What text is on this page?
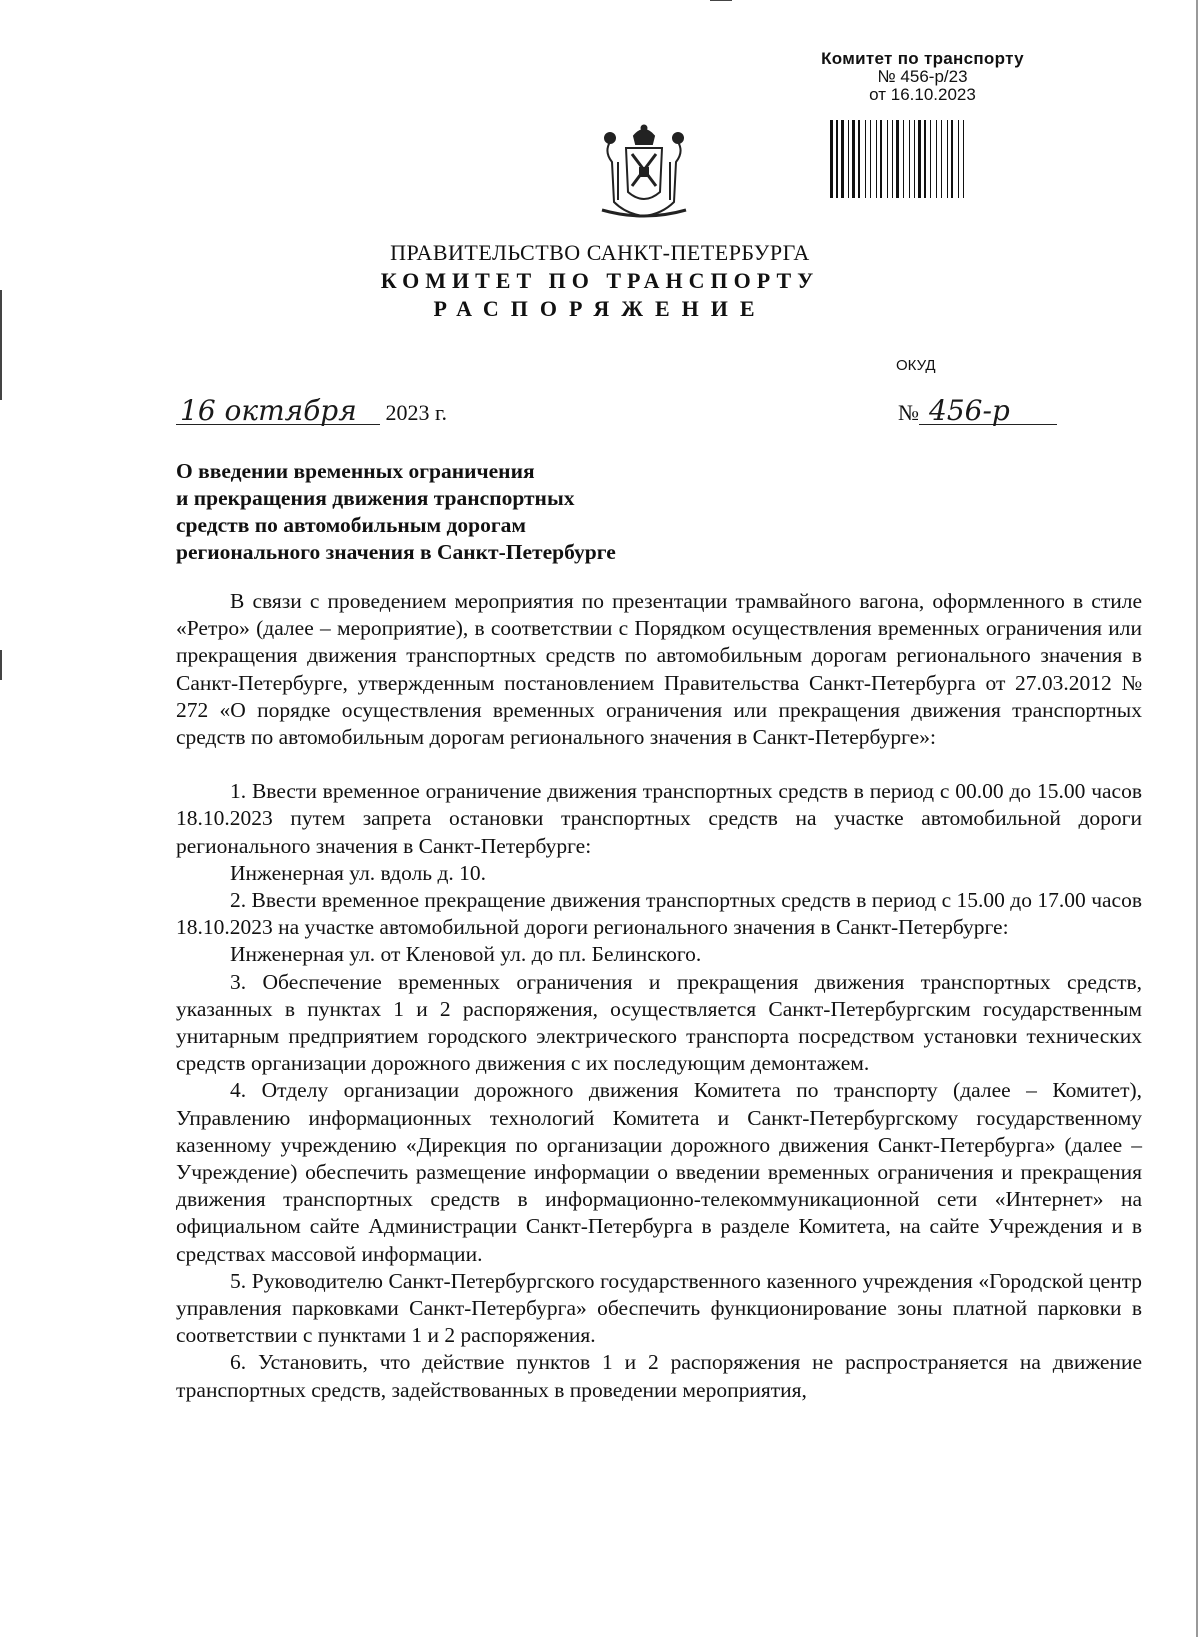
Комитет по транспорту
№ 456-р/23
от 16.10.2023
ПРАВИТЕЛЬСТВО САНКТ-ПЕТЕРБУРГА
КОМИТЕТ ПО ТРАНСПОРТУ
РАСПОРЯЖЕНИЕ
ОКУД
16 октября 2023 г.	№ 456-р
О введении временных ограничения
и прекращения движения транспортных
средств по автомобильным дорогам
регионального значения в Санкт-Петербурге

В связи с проведением мероприятия по презентации трамвайного вагона, оформленного в стиле «Ретро» (далее – мероприятие), в соответствии с Порядком осуществления временных ограничения или прекращения движения транспортных средств по автомобильным дорогам регионального значения в Санкт-Петербурге, утвержденным постановлением Правительства Санкт-Петербурга от 27.03.2012 № 272 «О порядке осуществления временных ограничения или прекращения движения транспортных средств по автомобильным дорогам регионального значения в Санкт-Петербурге»:

1. Ввести временное ограничение движения транспортных средств в период с 00.00 до 15.00 часов 18.10.2023 путем запрета остановки транспортных средств на участке автомобильной дороги регионального значения в Санкт-Петербурге:

Инженерная ул. вдоль д. 10.

2. Ввести временное прекращение движения транспортных средств в период с 15.00 до 17.00 часов 18.10.2023 на участке автомобильной дороги регионального значения в Санкт-Петербурге:

Инженерная ул. от Кленовой ул. до пл. Белинского.

3. Обеспечение временных ограничения и прекращения движения транспортных средств, указанных в пунктах 1 и 2 распоряжения, осуществляется Санкт-Петербургским государственным унитарным предприятием городского электрического транспорта посредством установки технических средств организации дорожного движения с их последующим демонтажем.

4. Отделу организации дорожного движения Комитета по транспорту (далее – Комитет), Управлению информационных технологий Комитета и Санкт-Петербургскому государственному казенному учреждению «Дирекция по организации дорожного движения Санкт-Петербурга» (далее – Учреждение) обеспечить размещение информации о введении временных ограничения и прекращения движения транспортных средств в информационно-телекоммуникационной сети «Интернет» на официальном сайте Администрации Санкт-Петербурга в разделе Комитета, на сайте Учреждения и в средствах массовой информации.

5. Руководителю Санкт-Петербургского государственного казенного учреждения «Городской центр управления парковками Санкт-Петербурга» обеспечить функционирование зоны платной парковки в соответствии с пунктами 1 и 2 распоряжения.

6. Установить, что действие пунктов 1 и 2 распоряжения не распространяется на движение транспортных средств, задействованных в проведении мероприятия,
